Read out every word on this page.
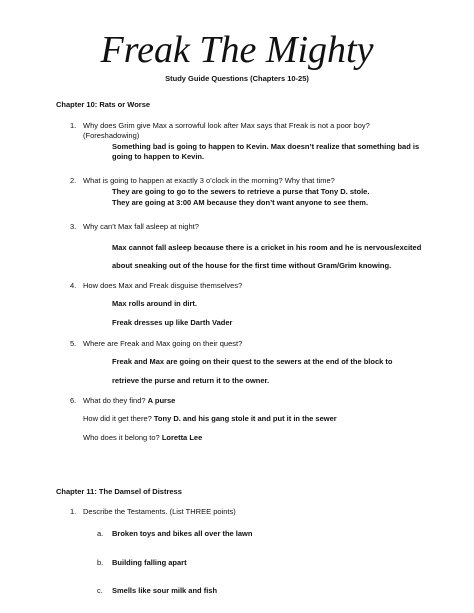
Freak The Mighty
Study Guide Questions (Chapters 10-25)
Chapter 10: Rats or Worse
1. Why does Grim give Max a sorrowful look after Max says that Freak is not a poor boy?
(Foreshadowing)
Something bad is going to happen to Kevin. Max doesn’t realize that something bad is
going to happen to Kevin.
2. What is going to happen at exactly 3 o’clock in the morning? Why that time?
They are going to go to the sewers to retrieve a purse that Tony D. stole.
They are going at 3:00 AM because they don’t want anyone to see them.
3. Why can’t Max fall asleep at night?
Max cannot fall asleep because there is a cricket in his room and he is nervous/excited
about sneaking out of the house for the first time without Gram/Grim knowing.
4. How does Max and Freak disguise themselves?
Max rolls around in dirt.
Freak dresses up like Darth Vader
5. Where are Freak and Max going on their quest?
Freak and Max are going on their quest to the sewers at the end of the block to
retrieve the purse and return it to the owner.
6. What do they find? A purse
How did it get there? Tony D. and his gang stole it and put it in the sewer
Who does it belong to? Loretta Lee
Chapter 11: The Damsel of Distress
1. Describe the Testaments. (List THREE points)
a. Broken toys and bikes all over the lawn
b. Building falling apart
c. Smells like sour milk and fish
